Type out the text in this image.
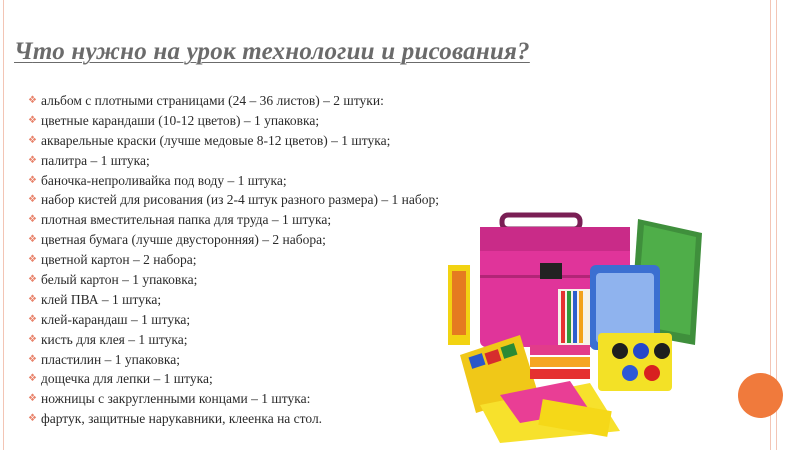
Что нужно на урок технологии и рисования?
❖ альбом с плотными страницами (24 – 36 листов) – 2 штуки:
❖ цветные карандаши (10-12 цветов) – 1 упаковка;
❖ акварельные краски (лучше медовые 8-12 цветов) – 1 штука;
❖ палитра – 1 штука;
❖ баночка-непроливайка под воду – 1 штука;
❖ набор кистей для рисования (из 2-4 штук разного размера) – 1 набор;
❖ плотная вместительная папка для труда – 1 штука;
❖ цветная бумага (лучше двусторонняя) – 2 набора;
❖ цветной картон – 2 набора;
❖ белый картон – 1 упаковка;
❖ клей ПВА – 1 штука;
❖ клей-карандаш – 1 штука;
❖ кисть для клея – 1 штука;
❖ пластилин – 1 упаковка;
❖ дощечка для лепки – 1 штука;
❖ ножницы с закругленными концами – 1 штука:
❖ фартук, защитные нарукавники, клеенка на стол.
